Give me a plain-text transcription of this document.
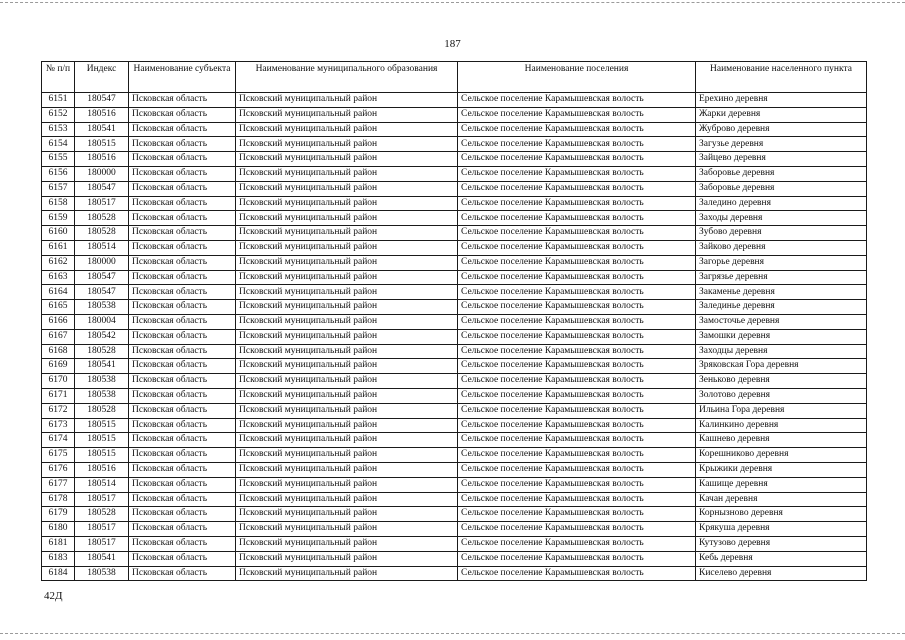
187
№ п/п	Индекс	Наименование субъекта	Наименование муниципального образования	Наименование поселения	Наименование населенного пункта
6151	180547	Псковская область	Псковский муниципальный район	Сельское поселение Карамышевская волость	Ерехино деревня
6152	180516	Псковская область	Псковский муниципальный район	Сельское поселение Карамышевская волость	Жарки деревня
6153	180541	Псковская область	Псковский муниципальный район	Сельское поселение Карамышевская волость	Жуброво деревня
6154	180515	Псковская область	Псковский муниципальный район	Сельское поселение Карамышевская волость	Загузье деревня
6155	180516	Псковская область	Псковский муниципальный район	Сельское поселение Карамышевская волость	Зайцево деревня
6156	180000	Псковская область	Псковский муниципальный район	Сельское поселение Карамышевская волость	Заборовье деревня
6157	180547	Псковская область	Псковский муниципальный район	Сельское поселение Карамышевская волость	Заборовье деревня
6158	180517	Псковская область	Псковский муниципальный район	Сельское поселение Карамышевская волость	Заледино деревня
6159	180528	Псковская область	Псковский муниципальный район	Сельское поселение Карамышевская волость	Заходы деревня
6160	180528	Псковская область	Псковский муниципальный район	Сельское поселение Карамышевская волость	Зубово деревня
6161	180514	Псковская область	Псковский муниципальный район	Сельское поселение Карамышевская волость	Зайково деревня
6162	180000	Псковская область	Псковский муниципальный район	Сельское поселение Карамышевская волость	Загорье деревня
6163	180547	Псковская область	Псковский муниципальный район	Сельское поселение Карамышевская волость	Загрязье деревня
6164	180547	Псковская область	Псковский муниципальный район	Сельское поселение Карамышевская волость	Закаменье деревня
6165	180538	Псковская область	Псковский муниципальный район	Сельское поселение Карамышевская волость	Залединье деревня
6166	180004	Псковская область	Псковский муниципальный район	Сельское поселение Карамышевская волость	Замосточье деревня
6167	180542	Псковская область	Псковский муниципальный район	Сельское поселение Карамышевская волость	Замошки деревня
6168	180528	Псковская область	Псковский муниципальный район	Сельское поселение Карамышевская волость	Заходцы деревня
6169	180541	Псковская область	Псковский муниципальный район	Сельское поселение Карамышевская волость	Зряковская Гора деревня
6170	180538	Псковская область	Псковский муниципальный район	Сельское поселение Карамышевская волость	Зеньково деревня
6171	180538	Псковская область	Псковский муниципальный район	Сельское поселение Карамышевская волость	Золотово деревня
6172	180528	Псковская область	Псковский муниципальный район	Сельское поселение Карамышевская волость	Ильина Гора деревня
6173	180515	Псковская область	Псковский муниципальный район	Сельское поселение Карамышевская волость	Калинкино деревня
6174	180515	Псковская область	Псковский муниципальный район	Сельское поселение Карамышевская волость	Кашнево деревня
6175	180515	Псковская область	Псковский муниципальный район	Сельское поселение Карамышевская волость	Корешниково деревня
6176	180516	Псковская область	Псковский муниципальный район	Сельское поселение Карамышевская волость	Крыжики деревня
6177	180514	Псковская область	Псковский муниципальный район	Сельское поселение Карамышевская волость	Кашище деревня
6178	180517	Псковская область	Псковский муниципальный район	Сельское поселение Карамышевская волость	Качан деревня
6179	180528	Псковская область	Псковский муниципальный район	Сельское поселение Карамышевская волость	Корнызново деревня
6180	180517	Псковская область	Псковский муниципальный район	Сельское поселение Карамышевская волость	Крякуша деревня
6181	180517	Псковская область	Псковский муниципальный район	Сельское поселение Карамышевская волость	Кутузово деревня
6183	180541	Псковская область	Псковский муниципальный район	Сельское поселение Карамышевская волость	Кебь деревня
6184	180538	Псковская область	Псковский муниципальный район	Сельское поселение Карамышевская волость	Киселево деревня
42Д
